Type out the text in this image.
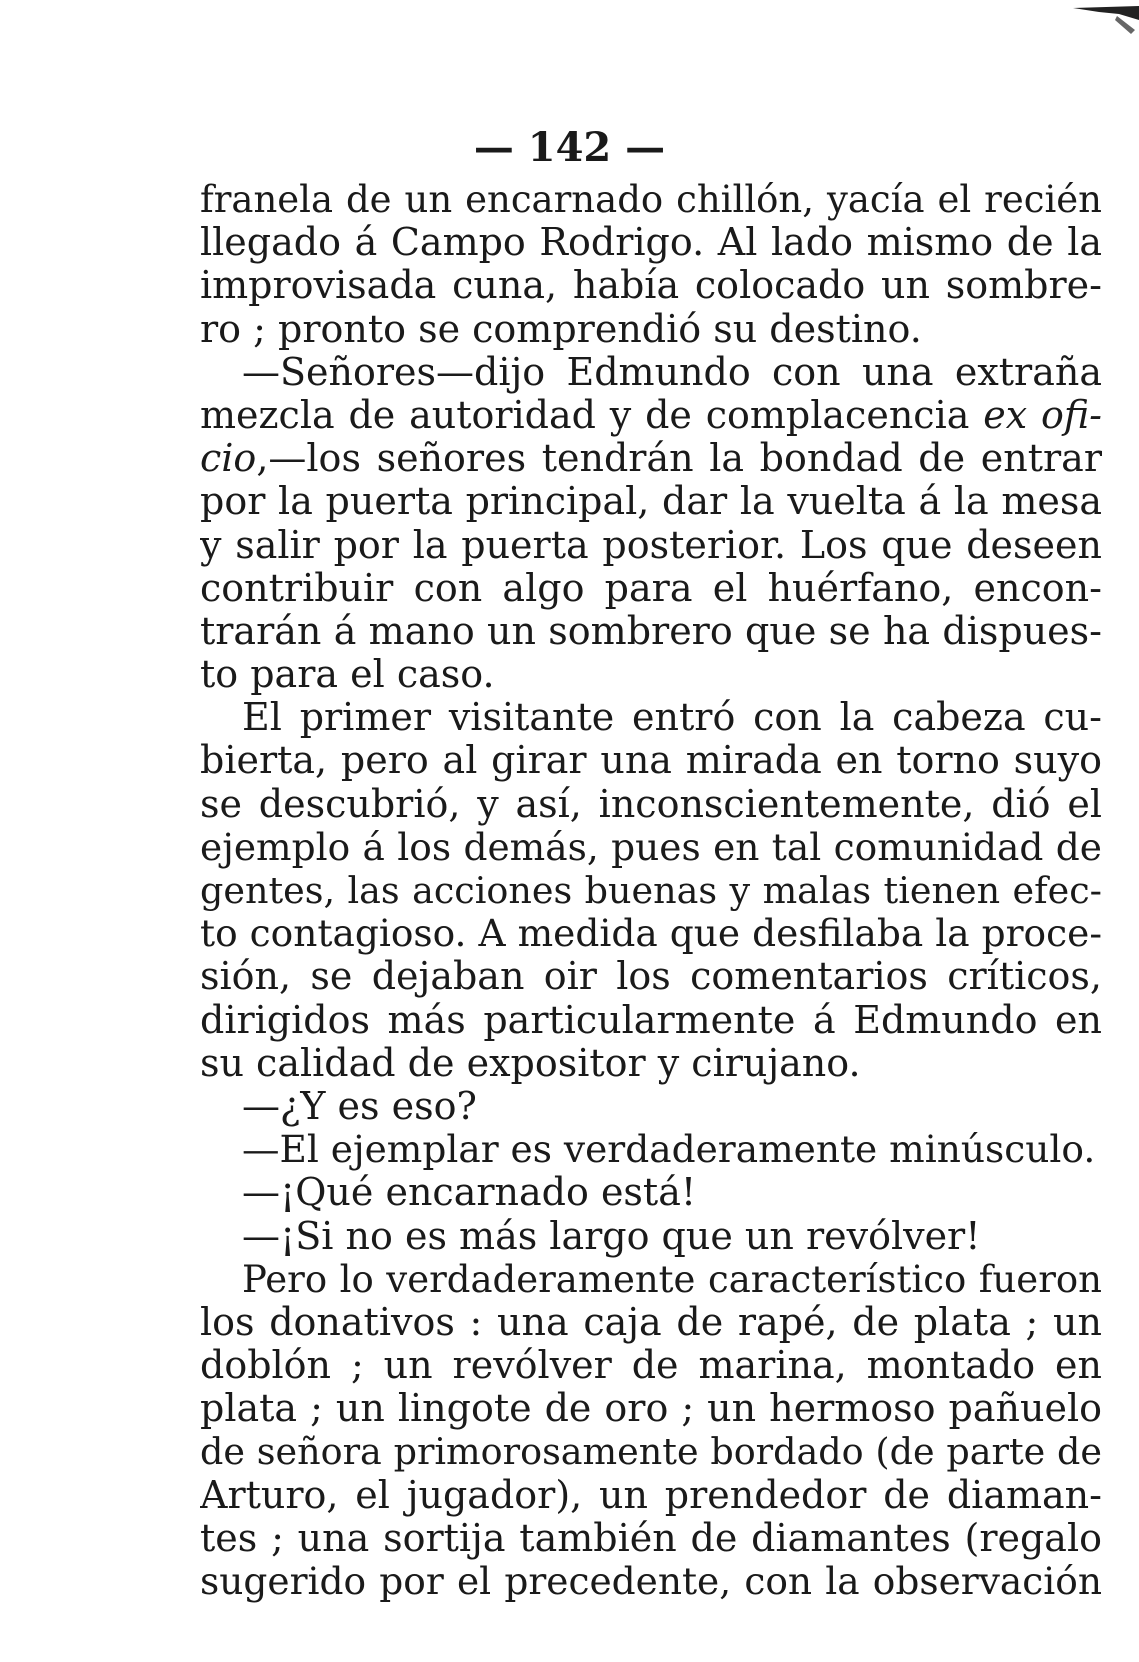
— 142 —
franela de un encarnado chillón, yacía el recién
llegado á Campo Rodrigo. Al lado mismo de la
improvisada cuna, había colocado un sombre-
ro ; pronto se comprendió su destino.
—Señores—dijo Edmundo con una extraña
mezcla de autoridad y de complacencia ex ofi-
cio,—los señores tendrán la bondad de entrar
por la puerta principal, dar la vuelta á la mesa
y salir por la puerta posterior. Los que deseen
contribuir con algo para el huérfano, encon-
trarán á mano un sombrero que se ha dispues-
to para el caso.
El primer visitante entró con la cabeza cu-
bierta, pero al girar una mirada en torno suyo
se descubrió, y así, inconscientemente, dió el
ejemplo á los demás, pues en tal comunidad de
gentes, las acciones buenas y malas tienen efec-
to contagioso. A medida que desfilaba la proce-
sión, se dejaban oir los comentarios críticos,
dirigidos más particularmente á Edmundo en
su calidad de expositor y cirujano.
—¿Y es eso?
—El ejemplar es verdaderamente minúsculo.
—¡Qué encarnado está!
—¡Si no es más largo que un revólver!
Pero lo verdaderamente característico fueron
los donativos : una caja de rapé, de plata ; un
doblón ; un revólver de marina, montado en
plata ; un lingote de oro ; un hermoso pañuelo
de señora primorosamente bordado (de parte de
Arturo, el jugador), un prendedor de diaman-
tes ; una sortija también de diamantes (regalo
sugerido por el precedente, con la observación
